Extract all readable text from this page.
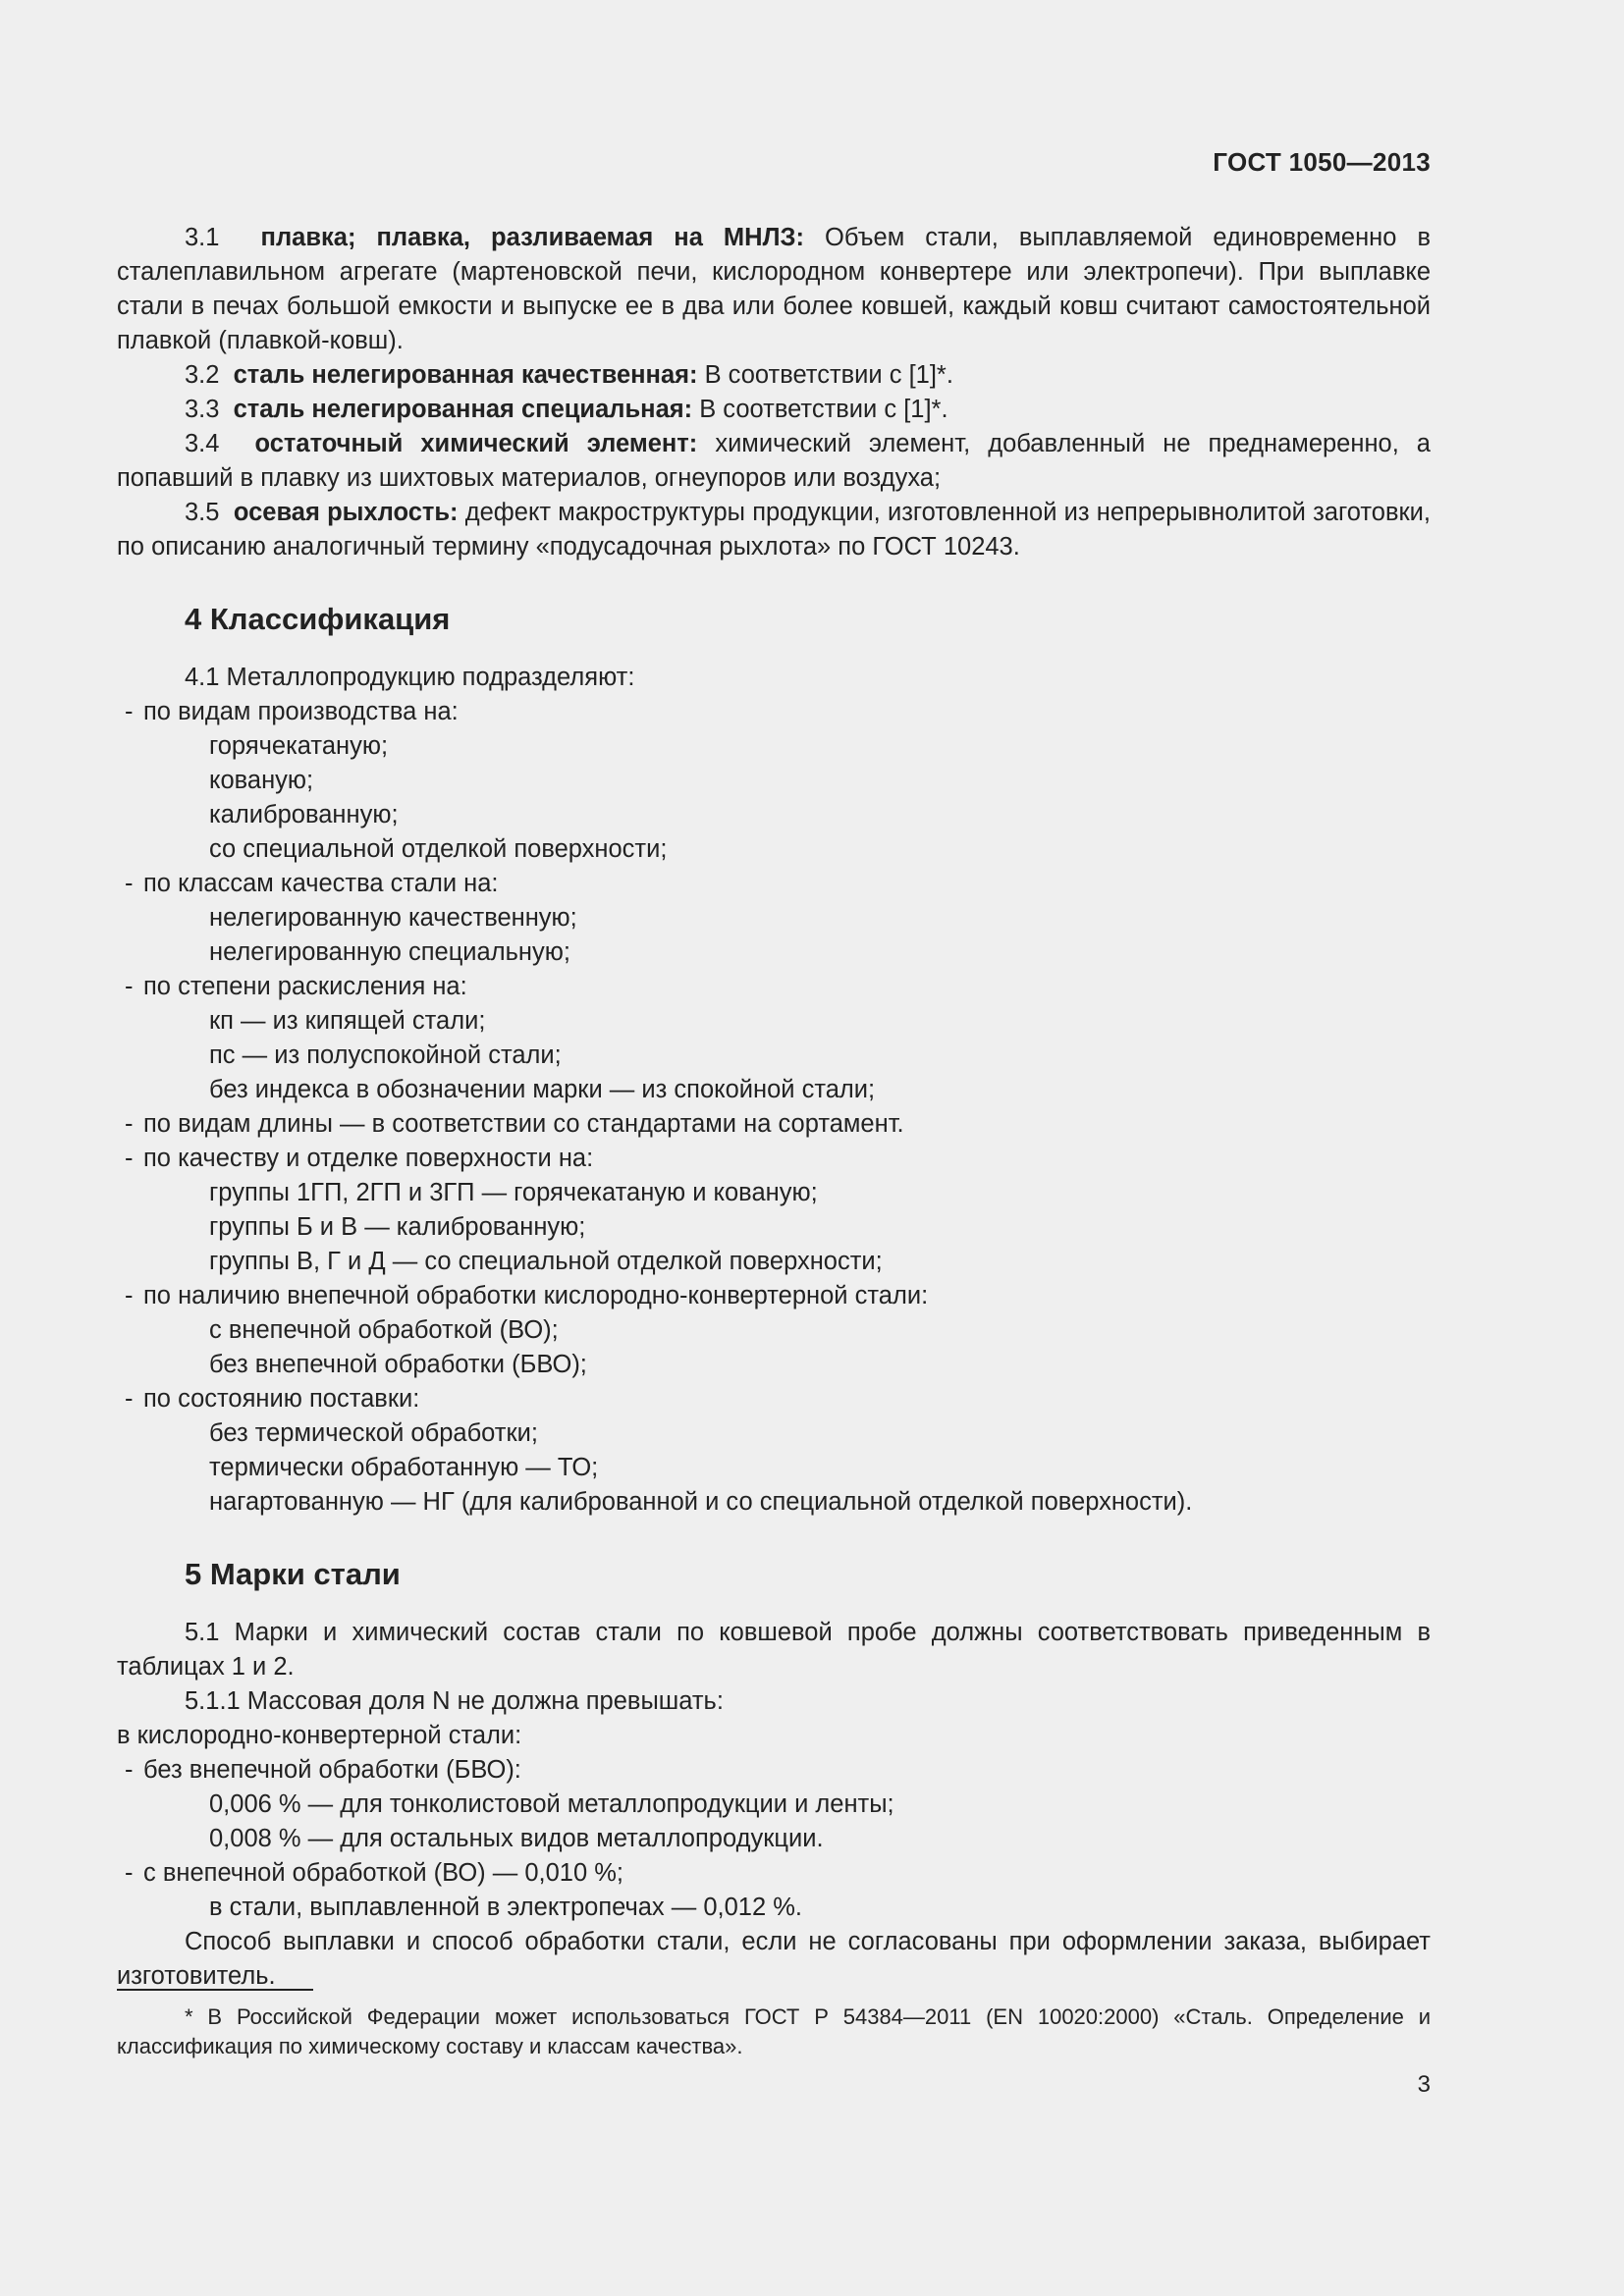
ГОСТ 1050—2013

3.1 плавка; плавка, разливаемая на МНЛЗ: Объем стали, выплавляемой единовременно в сталеплавильном агрегате (мартеновской печи, кислородном конвертере или электропечи). При выплавке стали в печах большой емкости и выпуске ее в два или более ковшей, каждый ковш считают самостоятельной плавкой (плавкой-ковш).

3.2 сталь нелегированная качественная: В соответствии с [1]*.

3.3 сталь нелегированная специальная: В соответствии с [1]*.

3.4 остаточный химический элемент: химический элемент, добавленный не преднамеренно, а попавший в плавку из шихтовых материалов, огнеупоров или воздуха;

3.5 осевая рыхлость: дефект макроструктуры продукции, изготовленной из непрерывнолитой заготовки, по описанию аналогичный термину «подусадочная рыхлота» по ГОСТ 10243.

4 Классификация

4.1 Металлопродукцию подразделяют:

- по видам производства на:

горячекатаную;

кованую;

калиброванную;

со специальной отделкой поверхности;

- по классам качества стали на:

нелегированную качественную;

нелегированную специальную;

- по степени раскисления на:

кп — из кипящей стали;

пс — из полуспокойной стали;

без индекса в обозначении марки — из спокойной стали;

- по видам длины — в соответствии со стандартами на сортамент.

- по качеству и отделке поверхности на:

группы 1ГП, 2ГП и 3ГП — горячекатаную и кованую;

группы Б и В — калиброванную;

группы В, Г и Д — со специальной отделкой поверхности;

- по наличию внепечной обработки кислородно-конвертерной стали:

с внепечной обработкой (ВО);

без внепечной обработки (БВО);

- по состоянию поставки:

без термической обработки;

термически обработанную — ТО;

нагартованную — НГ (для калиброванной и со специальной отделкой поверхности).

5 Марки стали

5.1 Марки и химический состав стали по ковшевой пробе должны соответствовать приведенным в таблицах 1 и 2.

5.1.1 Массовая доля N не должна превышать:

в кислородно-конвертерной стали:

- без внепечной обработки (БВО):

0,006 % — для тонколистовой металлопродукции и ленты;

0,008 % — для остальных видов металлопродукции.

- с внепечной обработкой (ВО) — 0,010 %;

в стали, выплавленной в электропечах — 0,012 %.

Способ выплавки и способ обработки стали, если не согласованы при оформлении заказа, выбирает изготовитель.

* В Российской Федерации может использоваться ГОСТ Р 54384—2011 (EN 10020:2000) «Сталь. Определение и классификация по химическому составу и классам качества».

3
